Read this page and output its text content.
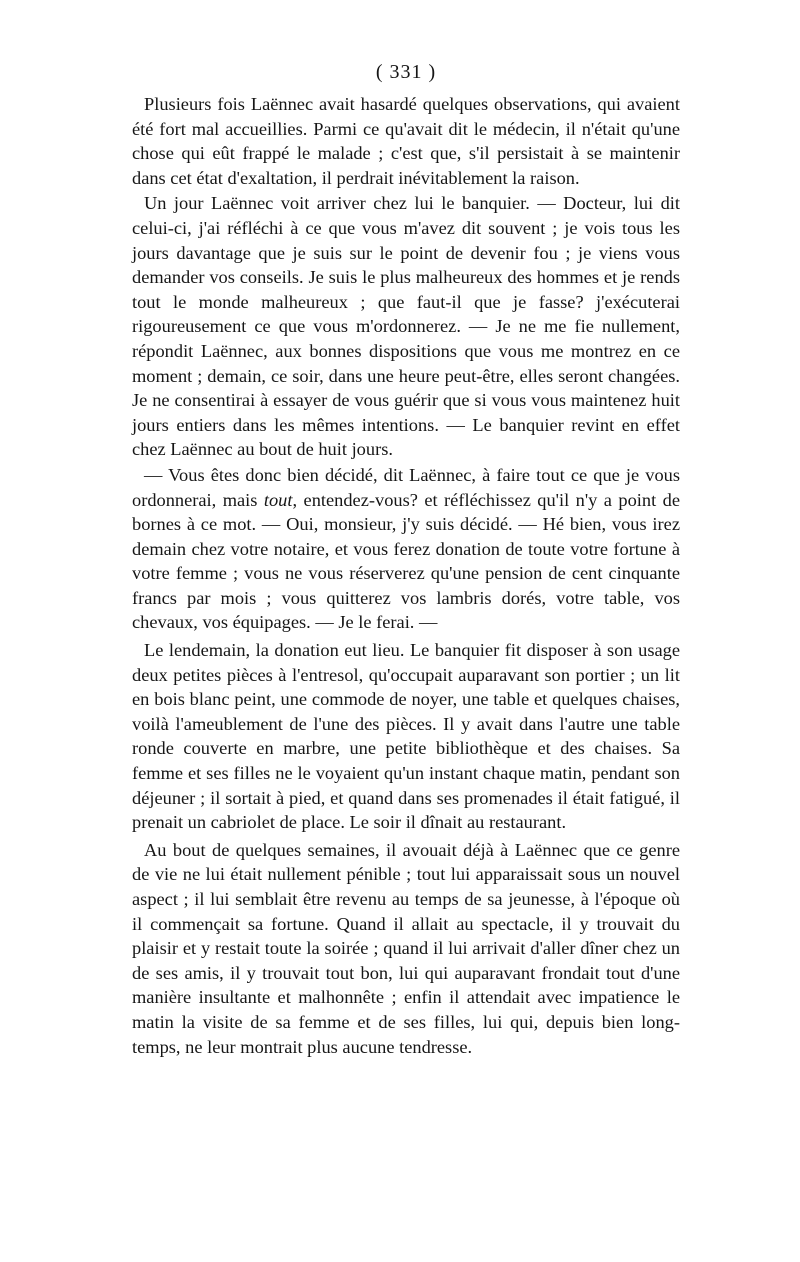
( 331 )

Plusieurs fois Laënnec avait hasardé quelques observations, qui avaient été fort mal accueillies. Parmi ce qu'avait dit le médecin, il n'était qu'une chose qui eût frappé le malade ; c'est que, s'il persistait à se maintenir dans cet état d'exaltation, il perdrait inévitablement la raison.

Un jour Laënnec voit arriver chez lui le banquier. — Docteur, lui dit celui-ci, j'ai réfléchi à ce que vous m'avez dit souvent ; je vois tous les jours davantage que je suis sur le point de devenir fou ; je viens vous demander vos conseils. Je suis le plus malheureux des hommes et je rends tout le monde malheureux ; que faut-il que je fasse? j'exécuterai rigoureusement ce que vous m'ordonnerez. — Je ne me fie nullement, répondit Laënnec, aux bonnes dispositions que vous me montrez en ce moment ; demain, ce soir, dans une heure peut-être, elles seront changées. Je ne consentirai à essayer de vous guérir que si vous vous maintenez huit jours entiers dans les mêmes intentions. — Le banquier revint en effet chez Laënnec au bout de huit jours.

— Vous êtes donc bien décidé, dit Laënnec, à faire tout ce que je vous ordonnerai, mais tout, entendez-vous? et réfléchissez qu'il n'y a point de bornes à ce mot. — Oui, monsieur, j'y suis décidé. — Hé bien, vous irez demain chez votre notaire, et vous ferez donation de toute votre fortune à votre femme ; vous ne vous réserverez qu'une pension de cent cinquante francs par mois ; vous quitterez vos lambris dorés, votre table, vos chevaux, vos équipages. — Je le ferai. —

Le lendemain, la donation eut lieu. Le banquier fit disposer à son usage deux petites pièces à l'entresol, qu'occupait auparavant son portier ; un lit en bois blanc peint, une commode de noyer, une table et quelques chaises, voilà l'ameublement de l'une des pièces. Il y avait dans l'autre une table ronde couverte en marbre, une petite bibliothèque et des chaises. Sa femme et ses filles ne le voyaient qu'un instant chaque matin, pendant son déjeuner ; il sortait à pied, et quand dans ses promenades il était fatigué, il prenait un cabriolet de place. Le soir il dînait au restaurant.

Au bout de quelques semaines, il avouait déjà à Laënnec que ce genre de vie ne lui était nullement pénible ; tout lui apparaissait sous un nouvel aspect ; il lui semblait être revenu au temps de sa jeunesse, à l'époque où il commençait sa fortune. Quand il allait au spectacle, il y trouvait du plaisir et y restait toute la soirée ; quand il lui arrivait d'aller dîner chez un de ses amis, il y trouvait tout bon, lui qui auparavant frondait tout d'une manière insultante et malhonnête ; enfin il attendait avec impatience le matin la visite de sa femme et de ses filles, lui qui, depuis bien long-temps, ne leur montrait plus aucune tendresse.
